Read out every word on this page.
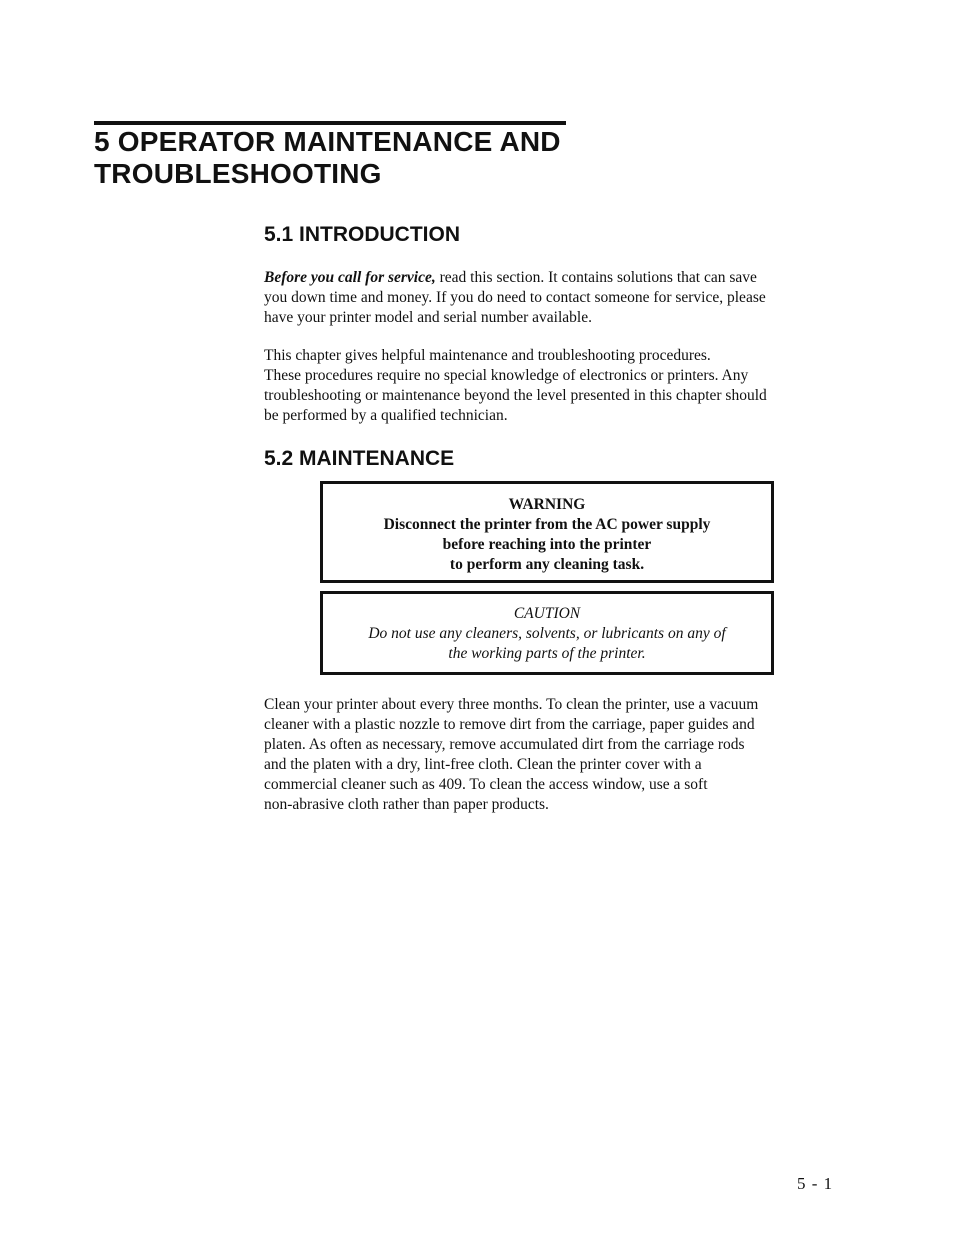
5 OPERATOR MAINTENANCE AND
TROUBLESHOOTING
5.1 INTRODUCTION

Before you call for service, read this section. It contains solutions that can save
you down time and money. If you do need to contact someone for service, please
have your printer model and serial number available.

This chapter gives helpful maintenance and troubleshooting procedures.
These procedures require no special knowledge of electronics or printers. Any
troubleshooting or maintenance beyond the level presented in this chapter should
be performed by a qualified technician.

5.2 MAINTENANCE
WARNING
Disconnect the printer from the AC power supply
before reaching into the printer
to perform any cleaning task.
CAUTION
Do not use any cleaners, solvents, or lubricants on any of
the working parts of the printer.

Clean your printer about every three months. To clean the printer, use a vacuum
cleaner with a plastic nozzle to remove dirt from the carriage, paper guides and
platen. As often as necessary, remove accumulated dirt from the carriage rods
and the platen with a dry, lint-free cloth. Clean the printer cover with a
commercial cleaner such as 409. To clean the access window, use a soft
non-abrasive cloth rather than paper products.

5 - 1
